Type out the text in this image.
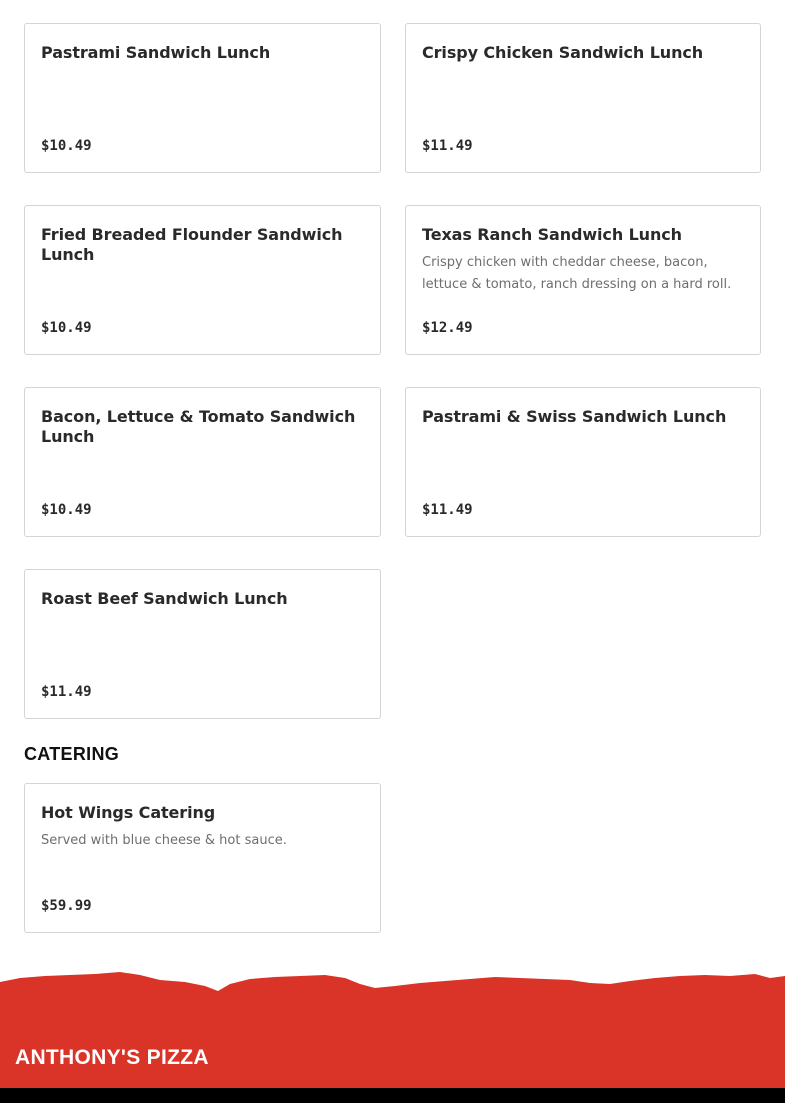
Pastrami Sandwich Lunch
$10.49
Crispy Chicken Sandwich Lunch
$11.49
Fried Breaded Flounder Sandwich Lunch
$10.49
Texas Ranch Sandwich Lunch
Crispy chicken with cheddar cheese, bacon, lettuce & tomato, ranch dressing on a hard roll.
$12.49
Bacon, Lettuce & Tomato Sandwich Lunch
$10.49
Pastrami & Swiss Sandwich Lunch
$11.49
Roast Beef Sandwich Lunch
$11.49
CATERING
Hot Wings Catering
Served with blue cheese & hot sauce.
$59.99
ANTHONY'S PIZZA
